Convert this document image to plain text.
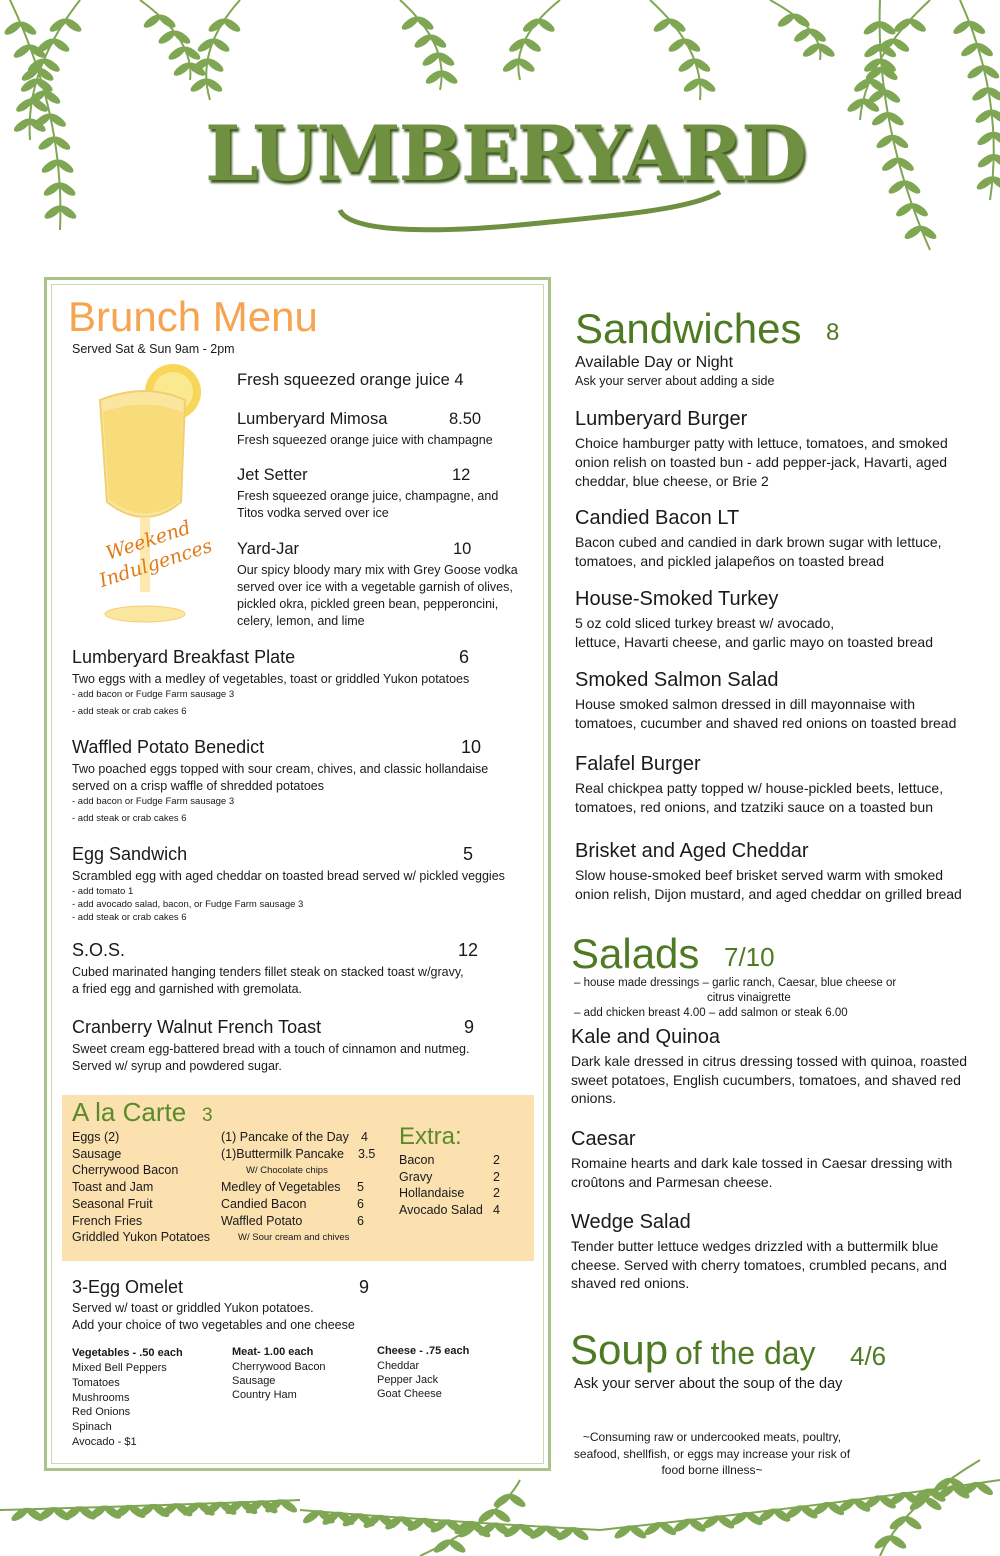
LUMBERYARD
Brunch Menu
Served Sat & Sun 9am - 2pm
Weekend Indulgences
A la Carte 3
Extra:
Fresh squeezed orange juice 4
Lumberyard Mimosa	8.50
Fresh squeezed orange juice with champagne
Jet Setter	12
Fresh squeezed orange juice, champagne, and
Titos vodka served over ice
Yard-Jar	10
Our spicy bloody mary mix with Grey Goose vodka
served over ice with a vegetable garnish of olives,
pickled okra, pickled green bean, pepperoncini,
celery, lemon, and lime
Lumberyard Breakfast Plate	6
Two eggs with a medley of vegetables, toast or griddled Yukon potatoes
- add bacon or Fudge Farm sausage 3
- add steak or crab cakes 6
Waffled Potato Benedict	10
Two poached eggs topped with sour cream, chives, and classic hollandaise
served on a crisp waffle of shredded potatoes
- add bacon or Fudge Farm sausage 3
- add steak or crab cakes 6
Egg Sandwich	5
Scrambled egg with aged cheddar on toasted bread served w/ pickled veggies
- add tomato 1
- add avocado salad, bacon, or Fudge Farm sausage 3
- add steak or crab cakes 6
S.O.S.	12
Cubed marinated hanging tenders fillet steak on stacked toast w/gravy,
a fried egg and garnished with gremolata.
Cranberry Walnut French Toast	9
Sweet cream egg-battered bread with a touch of cinnamon and nutmeg.
Served w/ syrup and powdered sugar.
Eggs (2)
Sausage
Cherrywood Bacon
Toast and Jam
Seasonal Fruit
French Fries
Griddled Yukon Potatoes
(1) Pancake of the Day 4
(1)Buttermilk Pancake 3.5
W/ Chocolate chips
Medley of Vegetables 5
Candied Bacon	6
Waffled Potato	6
W/ Sour cream and chives
Bacon	2
Gravy	2
Hollandaise 2
Avocado Salad 4
3-Egg Omelet	9
Served w/ toast or griddled Yukon potatoes.
Add your choice of two vegetables and one cheese
Vegetables - .50 each
Mixed Bell Peppers
Tomatoes
Mushrooms
Red Onions
Spinach
Avocado - $1
Meat- 1.00 each
Cherrywood Bacon
Sausage
Country Ham
Cheese - .75 each
Cheddar
Pepper Jack
Goat Cheese
Sandwiches 8
Available Day or Night
Ask your server about adding a side
Lumberyard Burger
Choice hamburger patty with lettuce, tomatoes, and smoked
onion relish on toasted bun - add pepper-jack, Havarti, aged
cheddar, blue cheese, or Brie 2
Candied Bacon LT
Bacon cubed and candied in dark brown sugar with lettuce,
tomatoes, and pickled jalapeños on toasted bread
House-Smoked Turkey
5 oz cold sliced turkey breast w/ avocado,
lettuce, Havarti cheese, and garlic mayo on toasted bread
Smoked Salmon Salad
House smoked salmon dressed in dill mayonnaise with
tomatoes, cucumber and shaved red onions on toasted bread
Falafel Burger
Real chickpea patty topped w/ house-pickled beets, lettuce,
tomatoes, red onions, and tzatziki sauce on a toasted bun
Brisket and Aged Cheddar
Slow house-smoked beef brisket served warm with smoked
onion relish, Dijon mustard, and aged cheddar on grilled bread
Salads 7/10
– house made dressings – garlic ranch, Caesar, blue cheese or
citrus vinaigrette
– add chicken breast 4.00 – add salmon or steak 6.00
Kale and Quinoa
Dark kale dressed in citrus dressing tossed with quinoa, roasted
sweet potatoes, English cucumbers, tomatoes, and shaved red
onions.
Caesar
Romaine hearts and dark kale tossed in Caesar dressing with
croûtons and Parmesan cheese.
Wedge Salad
Tender butter lettuce wedges drizzled with a buttermilk blue
cheese. Served with cherry tomatoes, crumbled pecans, and
shaved red onions.
Soup of the day 4/6
Ask your server about the soup of the day
~Consuming raw or undercooked meats, poultry,
seafood, shellfish, or eggs may increase your risk of
food borne illness~
